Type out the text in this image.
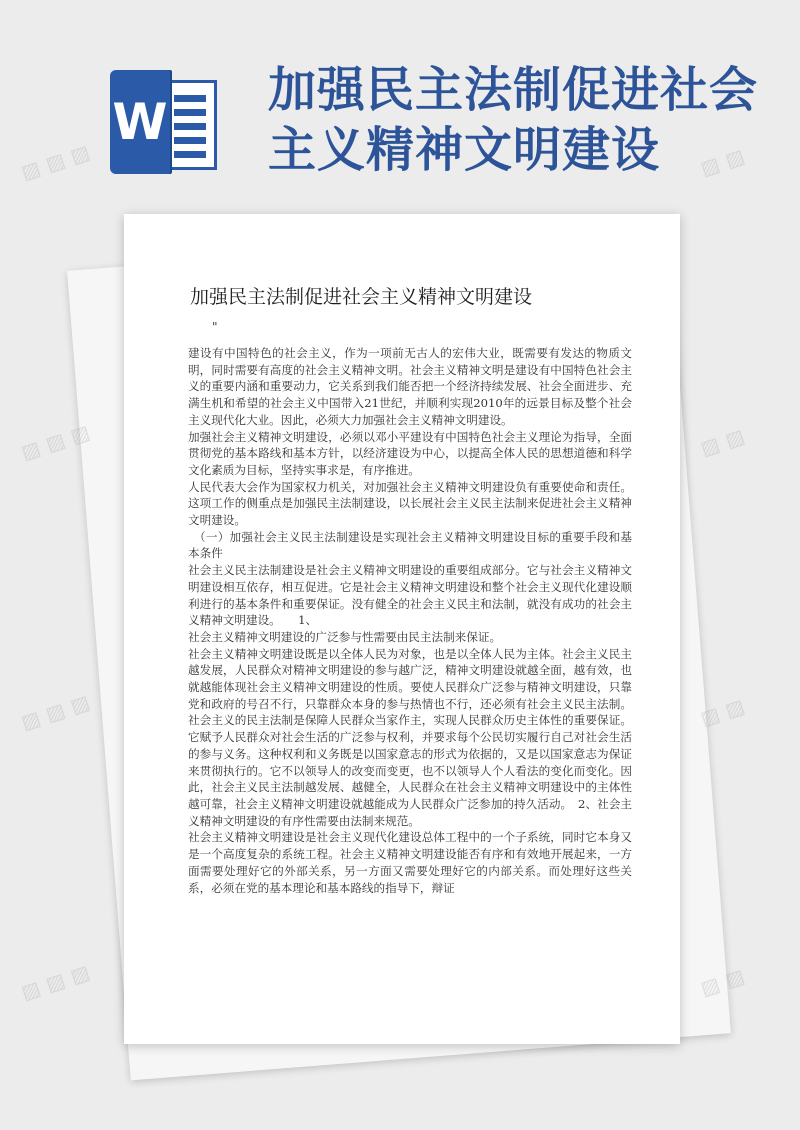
W
加强民主法制促进社会主义精神文明建设
加强民主法制促进社会主义精神文明建设
"

建设有中国特色的社会主义，作为一项前无古人的宏伟大业，既需要有发达的物质文明，同时需要有高度的社会主义精神文明。社会主义精神文明是建设有中国特色社会主义的重要内涵和重要动力，它关系到我们能否把一个经济持续发展、社会全面进步、充满生机和希望的社会主义中国带入21世纪，并顺利实现2010年的远景目标及整个社会主义现代化大业。因此，必须大力加强社会主义精神文明建设。

加强社会主义精神文明建设，必须以邓小平建设有中国特色社会主义理论为指导，全面贯彻党的基本路线和基本方针，以经济建设为中心，以提高全体人民的思想道德和科学文化素质为目标，坚持实事求是，有序推进。

人民代表大会作为国家权力机关，对加强社会主义精神文明建设负有重要使命和责任。这项工作的侧重点是加强民主法制建设，以长展社会主义民主法制来促进社会主义精神文明建设。

（一）加强社会主义民主法制建设是实现社会主义精神文明建设目标的重要手段和基本条件

社会主义民主法制建设是社会主义精神文明建设的重要组成部分。它与社会主义精神文明建设相互依存，相互促进。它是社会主义精神文明建设和整个社会主义现代化建设顺利进行的基本条件和重要保证。没有健全的社会主义民主和法制，就没有成功的社会主义精神文明建设。　　1、

社会主义精神文明建设的广泛参与性需要由民主法制来保证。

社会主义精神文明建设既是以全体人民为对象，也是以全体人民为主体。社会主义民主越发展，人民群众对精神文明建设的参与越广泛，精神文明建设就越全面，越有效，也就越能体现社会主义精神文明建设的性质。要使人民群众广泛参与精神文明建设，只靠党和政府的号召不行，只靠群众本身的参与热情也不行，还必须有社会主义民主法制。社会主义的民主法制是保障人民群众当家作主，实现人民群众历史主体性的重要保证。它赋予人民群众对社会生活的广泛参与权利，并要求每个公民切实履行自己对社会生活的参与义务。这种权利和义务既是以国家意志的形式为依据的，又是以国家意志为保证来贯彻执行的。它不以领导人的改变而变更，也不以领导人个人看法的变化而变化。因此，社会主义民主法制越发展、越健全，人民群众在社会主义精神文明建设中的主体性越可靠，社会主义精神文明建设就越能成为人民群众广泛参加的持久活动。　2、社会主义精神文明建设的有序性需要由法制来规范。

社会主义精神文明建设是社会主义现代化建设总体工程中的一个子系统，同时它本身又是一个高度复杂的系统工程。社会主义精神文明建设能否有序和有效地开展起来，一方面需要处理好它的外部关系，另一方面又需要处理好它的内部关系。而处理好这些关系，必须在党的基本理论和基本路线的指导下，辩证

▨ ▨ ▨	▨ ▨
▨ ▨ ▨	▨ ▨
▨ ▨ ▨	▨ ▨
▨ ▨ ▨	▨ ▨
